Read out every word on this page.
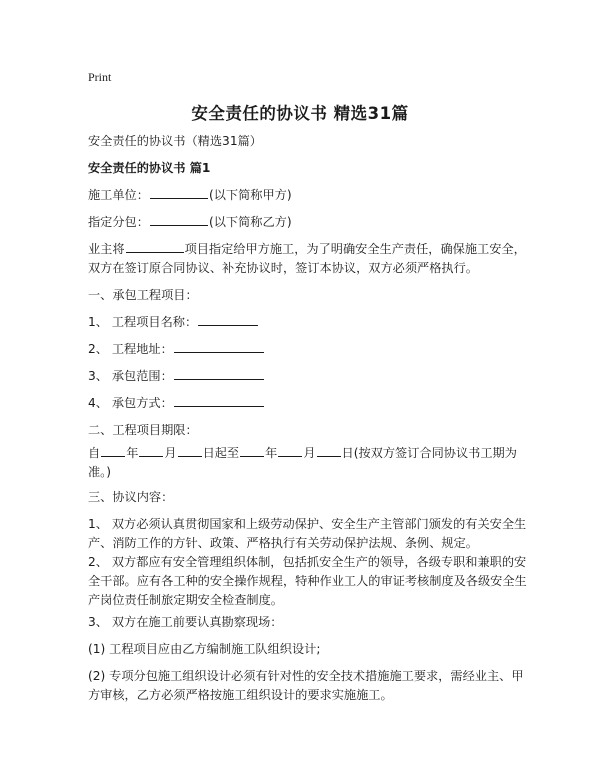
Print
安全责任的协议书 精选31篇
安全责任的协议书（精选31篇）
安全责任的协议书 篇1
施工单位：	(以下简称甲方)
指定分包：	(以下简称乙方)
业主将	项目指定给甲方施工，为了明确安全生产责任，确保施工安全，双方在签订原合同协议、补充协议时，签订本协议，双方必须严格执行。
一、承包工程项目：
1、 工程项目名称：
2、 工程地址：
3、 承包范围：
4、 承包方式：
二、工程项目期限：
自 年 月 日起至 年 月 日(按双方签订合同协议书工期为准。)
三、协议内容：
1、 双方必须认真贯彻国家和上级劳动保护、安全生产主管部门颁发的有关安全生产、消防工作的方针、政策、严格执行有关劳动保护法规、条例、规定。
2、 双方都应有安全管理组织体制，包括抓安全生产的领导，各级专职和兼职的安全干部。应有各工种的安全操作规程，特种作业工人的审证考核制度及各级安全生产岗位责任制旅定期安全检查制度。
3、 双方在施工前要认真勘察现场：
(1) 工程项目应由乙方编制施工队组织设计;
(2) 专项分包施工组织设计必须有针对性的安全技术措施施工要求，需经业主、甲方审核，乙方必须严格按施工组织设计的要求实施施工。
